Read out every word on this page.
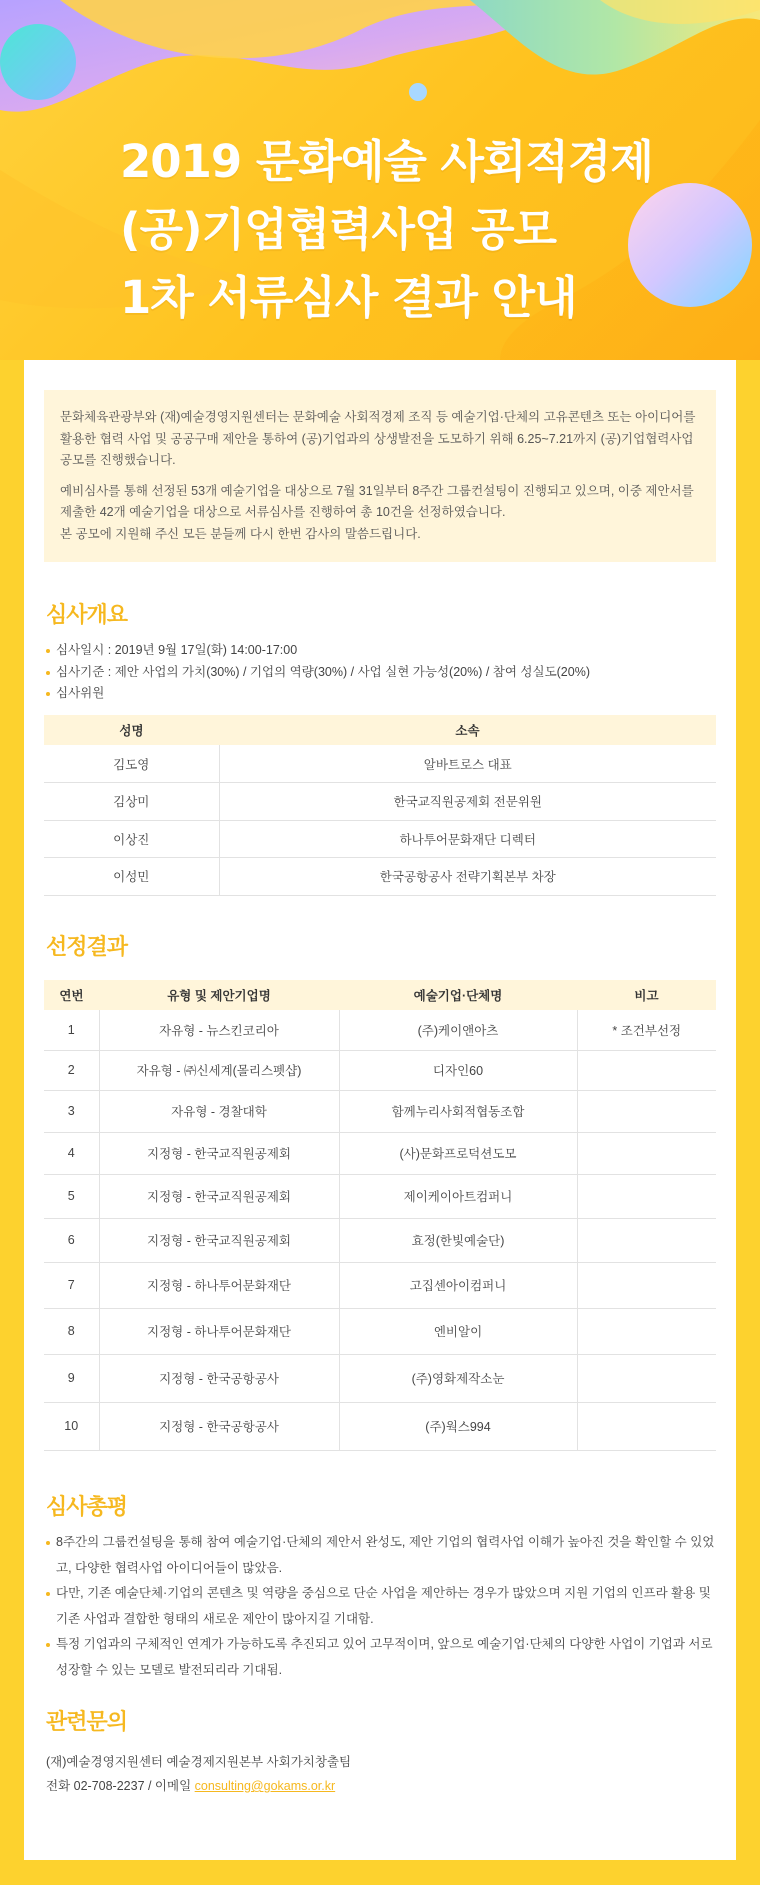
2019 문화예술 사회적경제
(공)기업협력사업 공모
1차 서류심사 결과 안내

문화체육관광부와 (재)예술경영지원센터는 문화예술 사회적경제 조직 등 예술기업·단체의 고유콘텐츠 또는 아이디어를 활용한 협력 사업 및 공공구매 제안을 통하여 (공)기업과의 상생발전을 도모하기 위해 6.25~7.21까지 (공)기업협력사업 공모를 진행했습니다.

예비심사를 통해 선정된 53개 예술기업을 대상으로 7월 31일부터 8주간 그룹컨설팅이 진행되고 있으며, 이중 제안서를 제출한 42개 예술기업을 대상으로 서류심사를 진행하여 총 10건을 선정하였습니다.
본 공모에 지원해 주신 모든 분들께 다시 한번 감사의 말씀드립니다.

심사개요
심사일시 : 2019년 9월 17일(화) 14:00-17:00
심사기준 : 제안 사업의 가치(30%) / 기업의 역량(30%) / 사업 실현 가능성(20%) / 참여 성실도(20%)
심사위원
성명	소속
김도영	알바트로스 대표
김상미	한국교직원공제회 전문위원
이상진	하나투어문화재단 디렉터
이성민	한국공항공사 전략기획본부 차장
선정결과
연번	유형 및 제안기업명	예술기업·단체명	비고
1	자유형 - 뉴스킨코리아	(주)케이앤아츠	* 조건부선정
2	자유형 - ㈜신세계(몰리스펫샵)	디자인60	
3	자유형 - 경찰대학	함께누리사회적협동조합	
4	지정형 - 한국교직원공제회	(사)문화프로덕션도모	
5	지정형 - 한국교직원공제회	제이케이아트컴퍼니	
6	지정형 - 한국교직원공제회	효정(한빛예술단)	
7	지정형 - 하나투어문화재단	고집센아이컴퍼니	
8	지정형 - 하나투어문화재단	엔비알이	
9	지정형 - 한국공항공사	(주)영화제작소눈	
10	지정형 - 한국공항공사	(주)웍스994	
심사총평
8주간의 그룹컨설팅을 통해 참여 예술기업·단체의 제안서 완성도, 제안 기업의 협력사업 이해가 높아진 것을 확인할 수 있었고, 다양한 협력사업 아이디어들이 많았음.
다만, 기존 예술단체·기업의 콘텐츠 및 역량을 중심으로 단순 사업을 제안하는 경우가 많았으며 지원 기업의 인프라 활용 및 기존 사업과 결합한 형태의 새로운 제안이 많아지길 기대함.
특정 기업과의 구체적인 연계가 가능하도록 추진되고 있어 고무적이며, 앞으로 예술기업·단체의 다양한 사업이 기업과 서로 성장할 수 있는 모델로 발전되리라 기대됨.
관련문의
(재)예술경영지원센터 예술경제지원본부 사회가치창출팀
전화 02-708-2237 / 이메일 consulting@gokams.or.kr
